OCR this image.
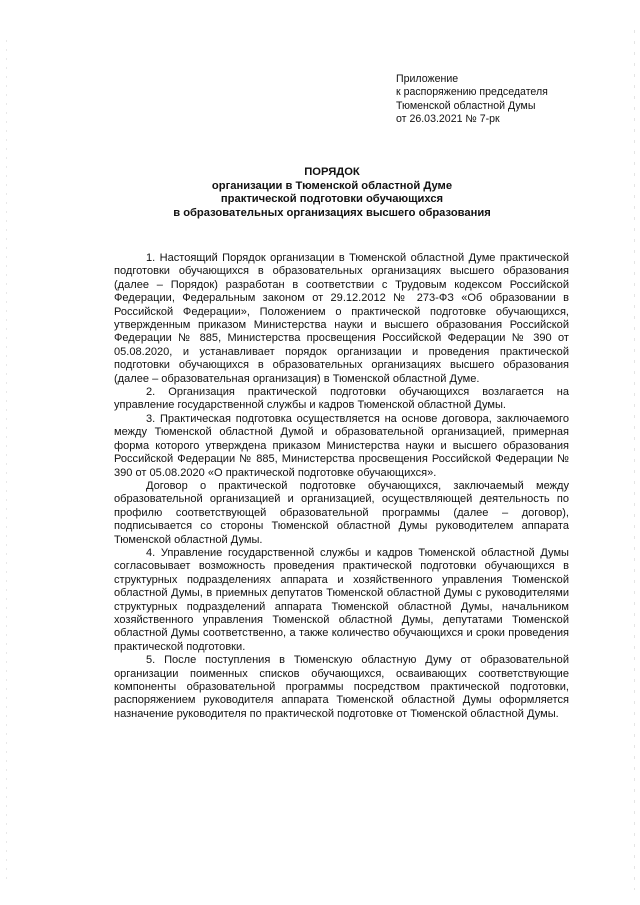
Приложение
к распоряжению председателя
Тюменской областной Думы
от 26.03.2021 № 7-рк
ПОРЯДОК
организации в Тюменской областной Думе
практической подготовки обучающихся
в образовательных организациях высшего образования

1. Настоящий Порядок организации в Тюменской областной Думе практической подготовки обучающихся в образовательных организациях высшего образования (далее – Порядок) разработан в соответствии с Трудовым кодексом Российской Федерации, Федеральным законом от 29.12.2012 № 273-ФЗ «Об образовании в Российской Федерации», Положением о практической подготовке обучающихся, утвержденным приказом Министерства науки и высшего образования Российской Федерации № 885, Министерства просвещения Российской Федерации № 390 от 05.08.2020, и устанавливает порядок организации и проведения практической подготовки обучающихся в образовательных организациях высшего образования (далее – образовательная организация) в Тюменской областной Думе.

2. Организация практической подготовки обучающихся возлагается на управление государственной службы и кадров Тюменской областной Думы.

3. Практическая подготовка осуществляется на основе договора, заключаемого между Тюменской областной Думой и образовательной организацией, примерная форма которого утверждена приказом Министерства науки и высшего образования Российской Федерации № 885, Министерства просвещения Российской Федерации № 390 от 05.08.2020 «О практической подготовке обучающихся».

Договор о практической подготовке обучающихся, заключаемый между образовательной организацией и организацией, осуществляющей деятельность по профилю соответствующей образовательной программы (далее – договор), подписывается со стороны Тюменской областной Думы руководителем аппарата Тюменской областной Думы.

4. Управление государственной службы и кадров Тюменской областной Думы согласовывает возможность проведения практической подготовки обучающихся в структурных подразделениях аппарата и хозяйственного управления Тюменской областной Думы, в приемных депутатов Тюменской областной Думы с руководителями структурных подразделений аппарата Тюменской областной Думы, начальником хозяйственного управления Тюменской областной Думы, депутатами Тюменской областной Думы соответственно, а также количество обучающихся и сроки проведения практической подготовки.

5. После поступления в Тюменскую областную Думу от образовательной организации поименных списков обучающихся, осваивающих соответствующие компоненты образовательной программы посредством практической подготовки, распоряжением руководителя аппарата Тюменской областной Думы оформляется назначение руководителя по практической подготовке от Тюменской областной Думы.
